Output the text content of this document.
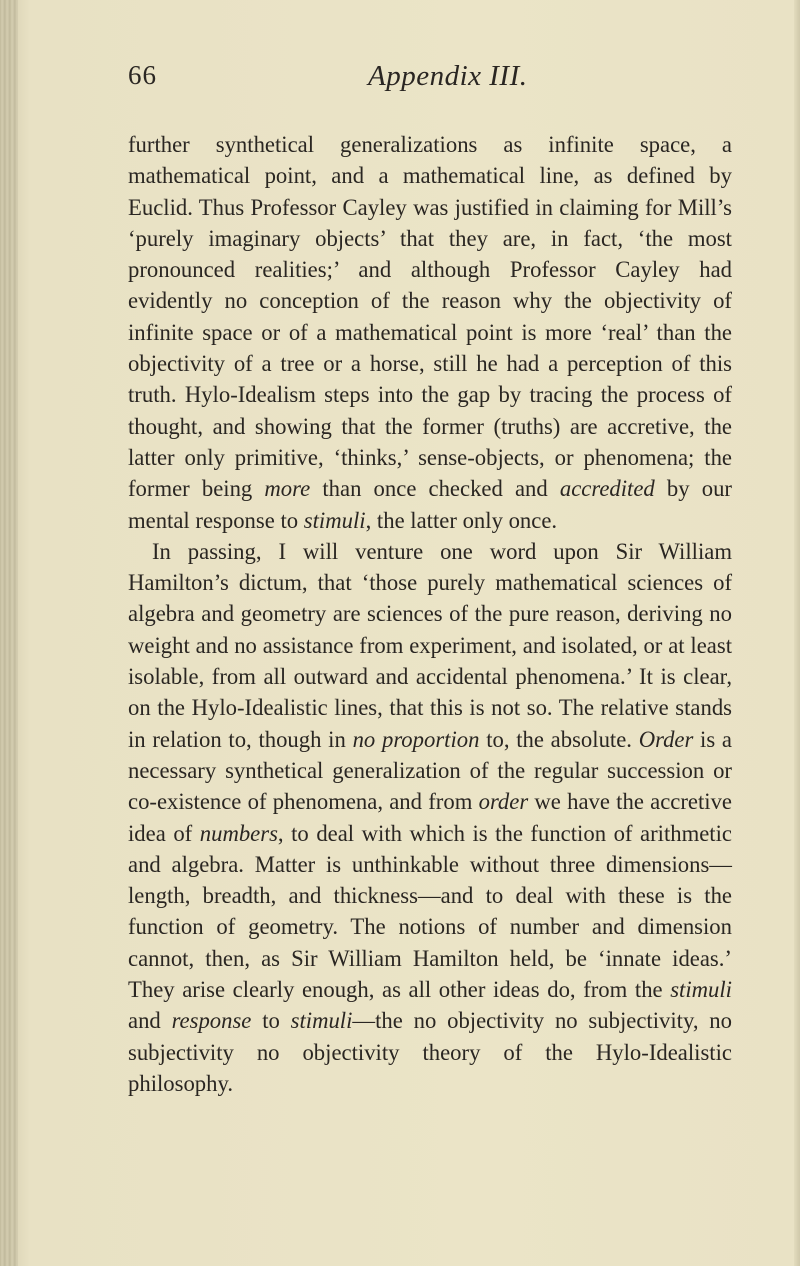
66	Appendix III.

further synthetical generalizations as infinite space, a mathematical point, and a mathematical line, as defined by Euclid. Thus Professor Cayley was justified in claiming for Mill’s ‘purely imaginary objects’ that they are, in fact, ‘the most pronounced realities;’ and although Professor Cayley had evidently no conception of the reason why the objectivity of infinite space or of a mathematical point is more ‘real’ than the objectivity of a tree or a horse, still he had a perception of this truth. Hylo-Idealism steps into the gap by tracing the process of thought, and showing that the former (truths) are accretive, the latter only primitive, ‘thinks,’ sense-objects, or phenomena; the former being more than once checked and accredited by our mental response to stimuli, the latter only once.

In passing, I will venture one word upon Sir William Hamilton’s dictum, that ‘those purely mathematical sciences of algebra and geometry are sciences of the pure reason, deriving no weight and no assistance from experiment, and isolated, or at least isolable, from all outward and accidental phenomena.’ It is clear, on the Hylo-Idealistic lines, that this is not so. The relative stands in relation to, though in no proportion to, the absolute. Order is a necessary synthetical generalization of the regular succession or co-existence of phenomena, and from order we have the accretive idea of numbers, to deal with which is the function of arithmetic and algebra. Matter is unthinkable without three dimensions—length, breadth, and thickness—and to deal with these is the function of geometry. The notions of number and dimension cannot, then, as Sir William Hamilton held, be ‘innate ideas.’ They arise clearly enough, as all other ideas do, from the stimuli and response to stimuli—the no objectivity no subjectivity, no subjectivity no objectivity theory of the Hylo-Idealistic philosophy.
